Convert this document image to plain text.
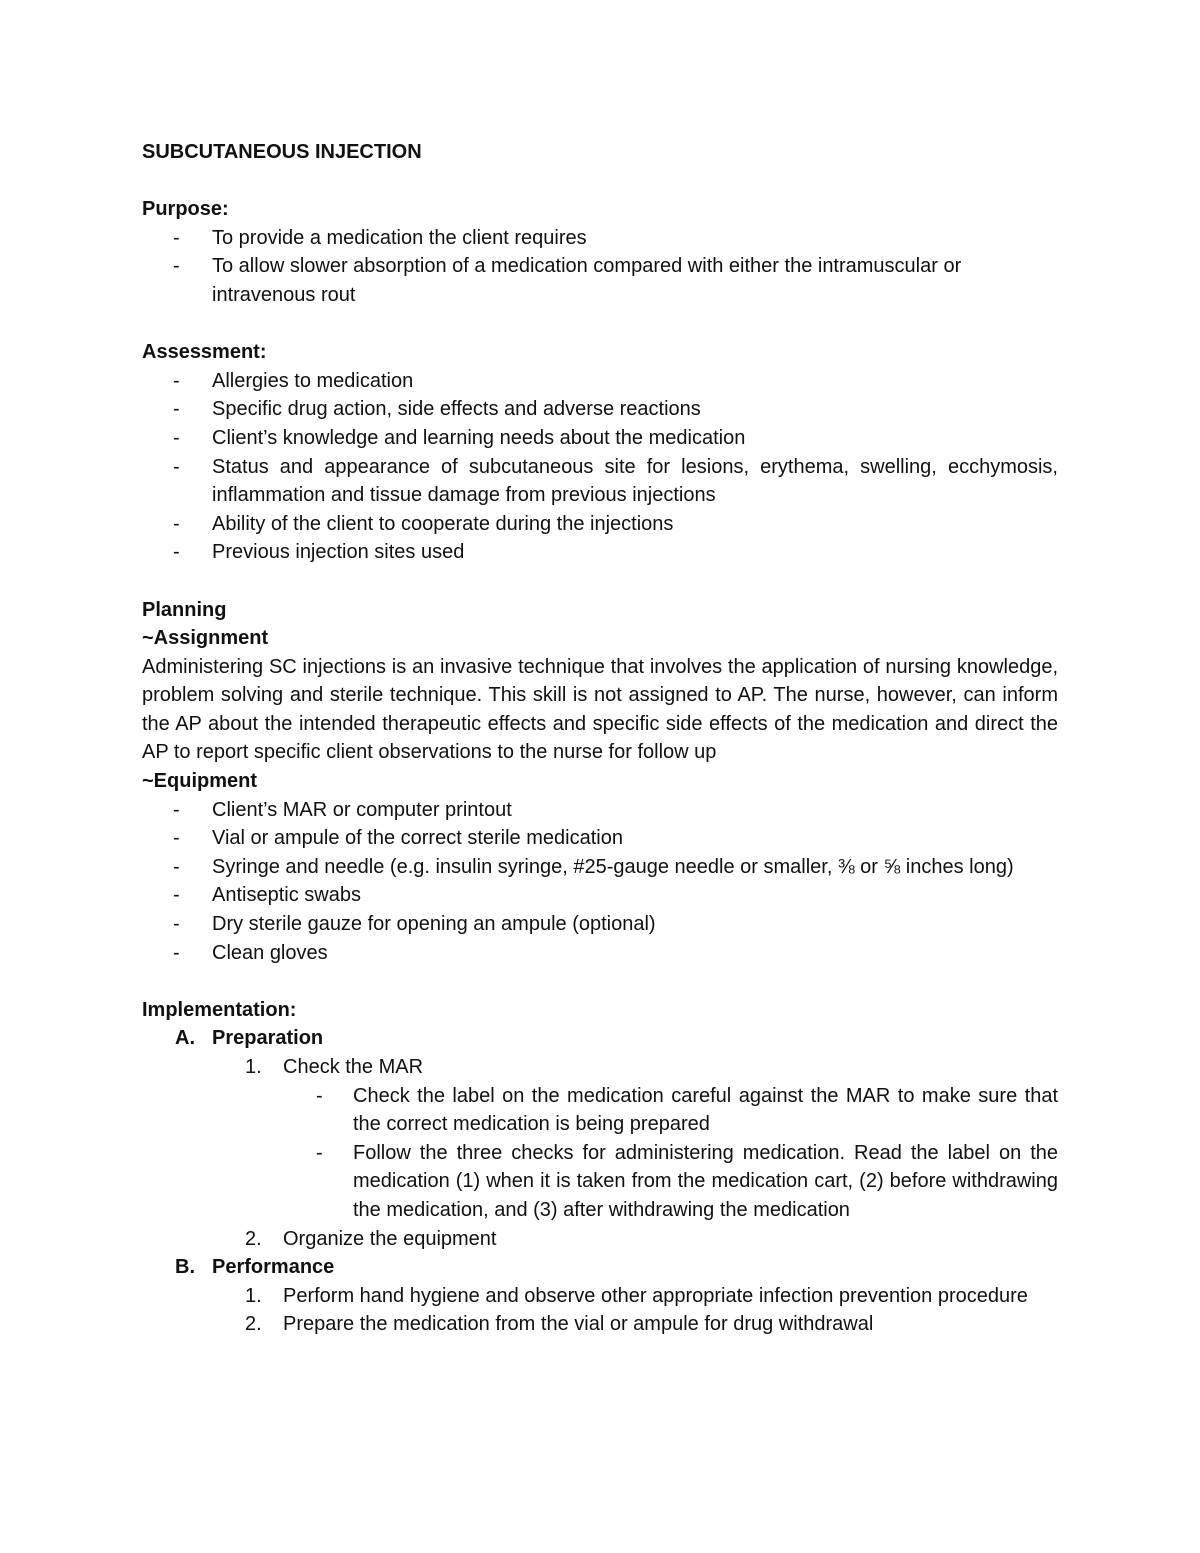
SUBCUTANEOUS INJECTION
Purpose:
- To provide a medication the client requires
- To allow slower absorption of a medication compared with either the intramuscular or intravenous rout
Assessment:
- Allergies to medication
- Specific drug action, side effects and adverse reactions
- Client’s knowledge and learning needs about the medication
- Status and appearance of subcutaneous site for lesions, erythema, swelling, ecchymosis, inflammation and tissue damage from previous injections
- Ability of the client to cooperate during the injections
- Previous injection sites used
Planning
~Assignment

Administering SC injections is an invasive technique that involves the application of nursing knowledge, problem solving and sterile technique. This skill is not assigned to AP. The nurse, however, can inform the AP about the intended therapeutic effects and specific side effects of the medication and direct the AP to report specific client observations to the nurse for follow up

~Equipment
- Client’s MAR or computer printout
- Vial or ampule of the correct sterile medication
- Syringe and needle (e.g. insulin syringe, #25-gauge needle or smaller, ⅜ or ⅝ inches long)
- Antiseptic swabs
- Dry sterile gauze for opening an ampule (optional)
- Clean gloves
Implementation:
A. Preparation
1. Check the MAR
- Check the label on the medication careful against the MAR to make sure that the correct medication is being prepared
- Follow the three checks for administering medication. Read the label on the medication (1) when it is taken from the medication cart, (2) before withdrawing the medication, and (3) after withdrawing the medication
2. Organize the equipment
B. Performance
1. Perform hand hygiene and observe other appropriate infection prevention procedure
2. Prepare the medication from the vial or ampule for drug withdrawal
